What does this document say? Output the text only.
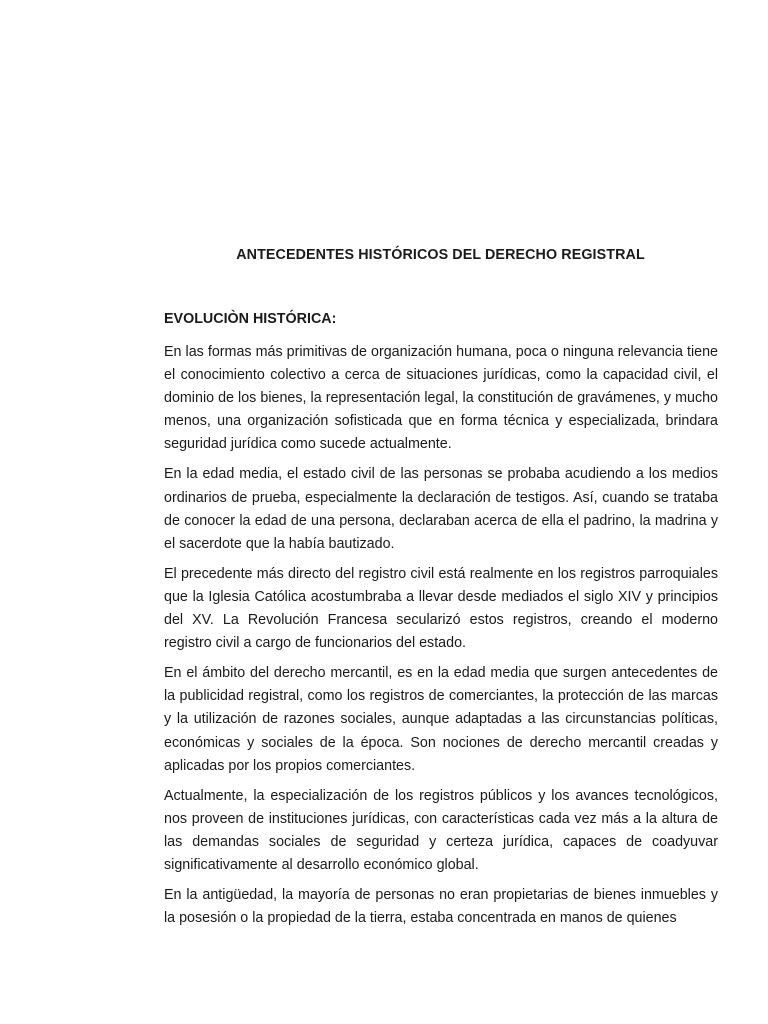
ANTECEDENTES HISTÓRICOS DEL DERECHO REGISTRAL
EVOLUCIÒN HISTÓRICA:

En las formas más primitivas de organización humana, poca o ninguna relevancia tiene el conocimiento colectivo a cerca de situaciones jurídicas, como la capacidad civil, el dominio de los bienes, la representación legal, la constitución de gravámenes, y mucho menos, una organización sofisticada que en forma técnica y especializada, brindara seguridad jurídica como sucede actualmente.

En la edad media, el estado civil de las personas se probaba acudiendo a los medios ordinarios de prueba, especialmente la declaración de testigos. Así, cuando se trataba de conocer la edad de una persona, declaraban acerca de ella el padrino, la madrina y el sacerdote que la había bautizado.

El precedente más directo del registro civil está realmente en los registros parroquiales que la Iglesia Católica acostumbraba a llevar desde mediados el siglo XIV y principios del XV. La Revolución Francesa secularizó estos registros, creando el moderno registro civil a cargo de funcionarios del estado.

En el ámbito del derecho mercantil, es en la edad media que surgen antecedentes de la publicidad registral, como los registros de comerciantes, la protección de las marcas y la utilización de razones sociales, aunque adaptadas a las circunstancias políticas, económicas y sociales de la época. Son nociones de derecho mercantil creadas y aplicadas por los propios comerciantes.

Actualmente, la especialización de los registros públicos y los avances tecnológicos, nos proveen de instituciones jurídicas, con características cada vez más a la altura de las demandas sociales de seguridad y certeza jurídica, capaces de coadyuvar significativamente al desarrollo económico global.

En la antigüedad, la mayoría de personas no eran propietarias de bienes inmuebles y la posesión o la propiedad de la tierra, estaba concentrada en manos de quienes
